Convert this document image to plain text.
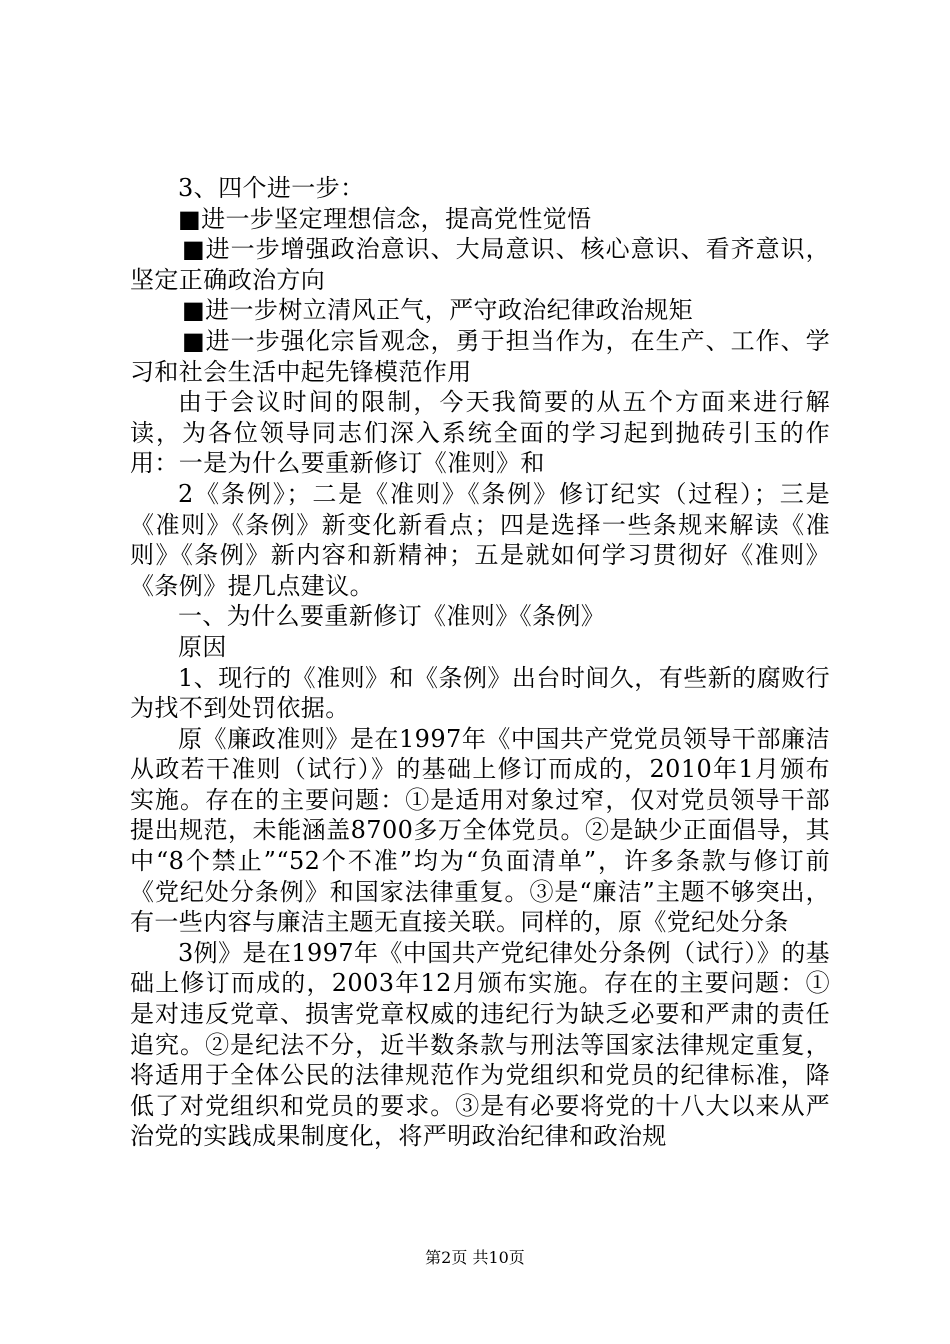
3、四个进一步：

■进一步坚定理想信念，提高党性觉悟

■进一步增强政治意识、大局意识、核心意识、看齐意识，坚定正确政治方向

■进一步树立清风正气，严守政治纪律政治规矩

■进一步强化宗旨观念，勇于担当作为，在生产、工作、学习和社会生活中起先锋模范作用

由于会议时间的限制，今天我简要的从五个方面来进行解读，为各位领导同志们深入系统全面的学习起到抛砖引玉的作用：一是为什么要重新修订《准则》和

2《条例》；二是《准则》《条例》修订纪实（过程）；三是《准则》《条例》新变化新看点；四是选择一些条规来解读《准则》《条例》新内容和新精神；五是就如何学习贯彻好《准则》《条例》提几点建议。

一、为什么要重新修订《准则》《条例》

原因

1、现行的《准则》和《条例》出台时间久，有些新的腐败行为找不到处罚依据。

原《廉政准则》是在1997年《中国共产党党员领导干部廉洁从政若干准则（试行）》的基础上修订而成的，2010年1月颁布实施。存在的主要问题：①是适用对象过窄，仅对党员领导干部提出规范，未能涵盖8700多万全体党员。②是缺少正面倡导，其中“8个禁止”“52个不准”均为“负面清单”，许多条款与修订前《党纪处分条例》和国家法律重复。③是“廉洁”主题不够突出，有一些内容与廉洁主题无直接关联。同样的，原《党纪处分条

3例》是在1997年《中国共产党纪律处分条例（试行）》的基础上修订而成的，2003年12月颁布实施。存在的主要问题：①是对违反党章、损害党章权威的违纪行为缺乏必要和严肃的责任追究。②是纪法不分，近半数条款与刑法等国家法律规定重复，将适用于全体公民的法律规范作为党组织和党员的纪律标准，降低了对党组织和党员的要求。③是有必要将党的十八大以来从严治党的实践成果制度化，将严明政治纪律和政治规

第2页 共10页
